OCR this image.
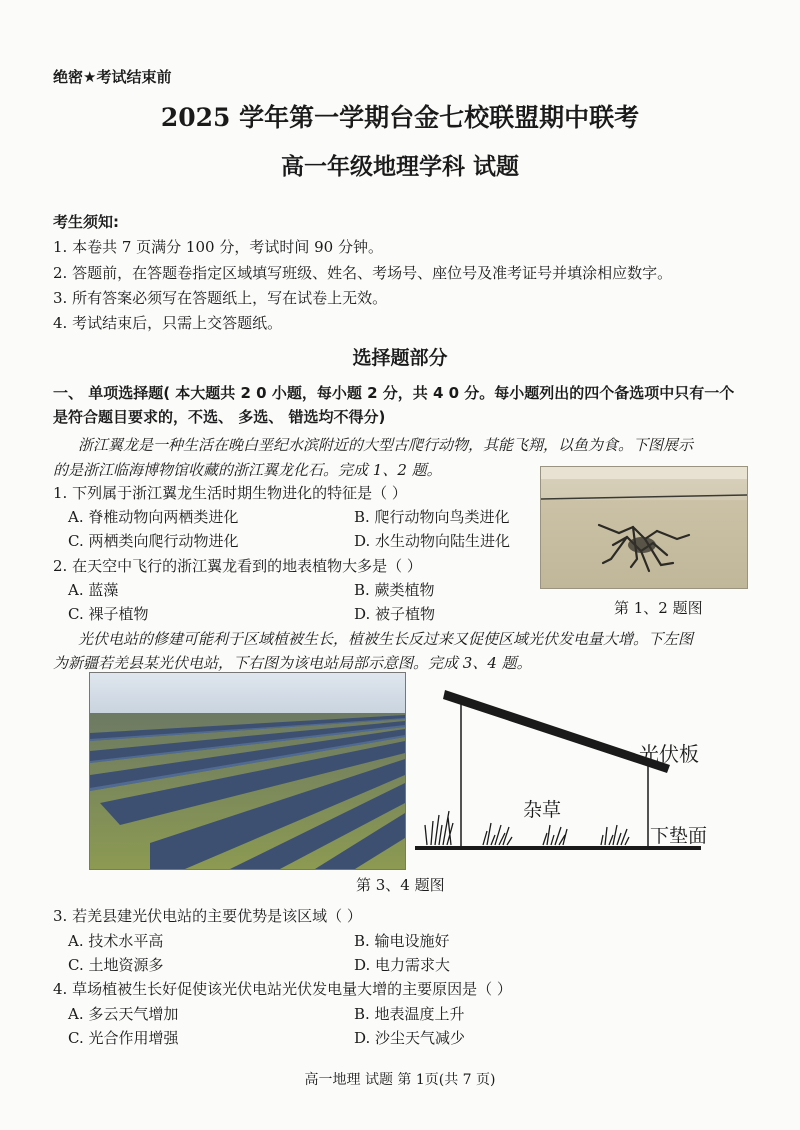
绝密★考试结束前
2025 学年第一学期台金七校联盟期中联考
高一年级地理学科 试题
考生须知:
1. 本卷共 7 页满分 100 分，考试时间 90 分钟。
2. 答题前，在答题卷指定区域填写班级、姓名、考场号、座位号及准考证号并填涂相应数字。
3. 所有答案必须写在答题纸上，写在试卷上无效。
4. 考试结束后，只需上交答题纸。
选择题部分
一、 单项选择题( 本大题共 2 0 小题，每小题 2 分，共 4 0 分。每小题列出的四个备选项中只有一个
是符合题目要求的，不选、 多选、 错选均不得分)
浙江翼龙是一种生活在晚白垩纪水滨附近的大型古爬行动物，其能飞翔，以鱼为食。下图展示
的是浙江临海博物馆收藏的浙江翼龙化石。完成 1、2 题。
1. 下列属于浙江翼龙生活时期生物进化的特征是（ ）
A. 脊椎动物向两栖类进化	B. 爬行动物向鸟类进化
C. 两栖类向爬行动物进化	D. 水生动物向陆生进化
2. 在天空中飞行的浙江翼龙看到的地表植物大多是（ ）
A. 蓝藻	B. 蕨类植物
C. 裸子植物	D. 被子植物	第 1、2 题图
光伏电站的修建可能利于区域植被生长，植被生长反过来又促使区域光伏发电量大增。下左图
为新疆若羌县某光伏电站，下右图为该电站局部示意图。完成 3、4 题。
光伏板
杂草
下垫面
第 3、4 题图
3. 若羌县建光伏电站的主要优势是该区域（ ）
A. 技术水平高	B. 输电设施好
C. 土地资源多	D. 电力需求大
4. 草场植被生长好促使该光伏电站光伏发电量大增的主要原因是（ ）
A. 多云天气增加	B. 地表温度上升
C. 光合作用增强	D. 沙尘天气减少
高一地理 试题 第 1页(共 7 页)
